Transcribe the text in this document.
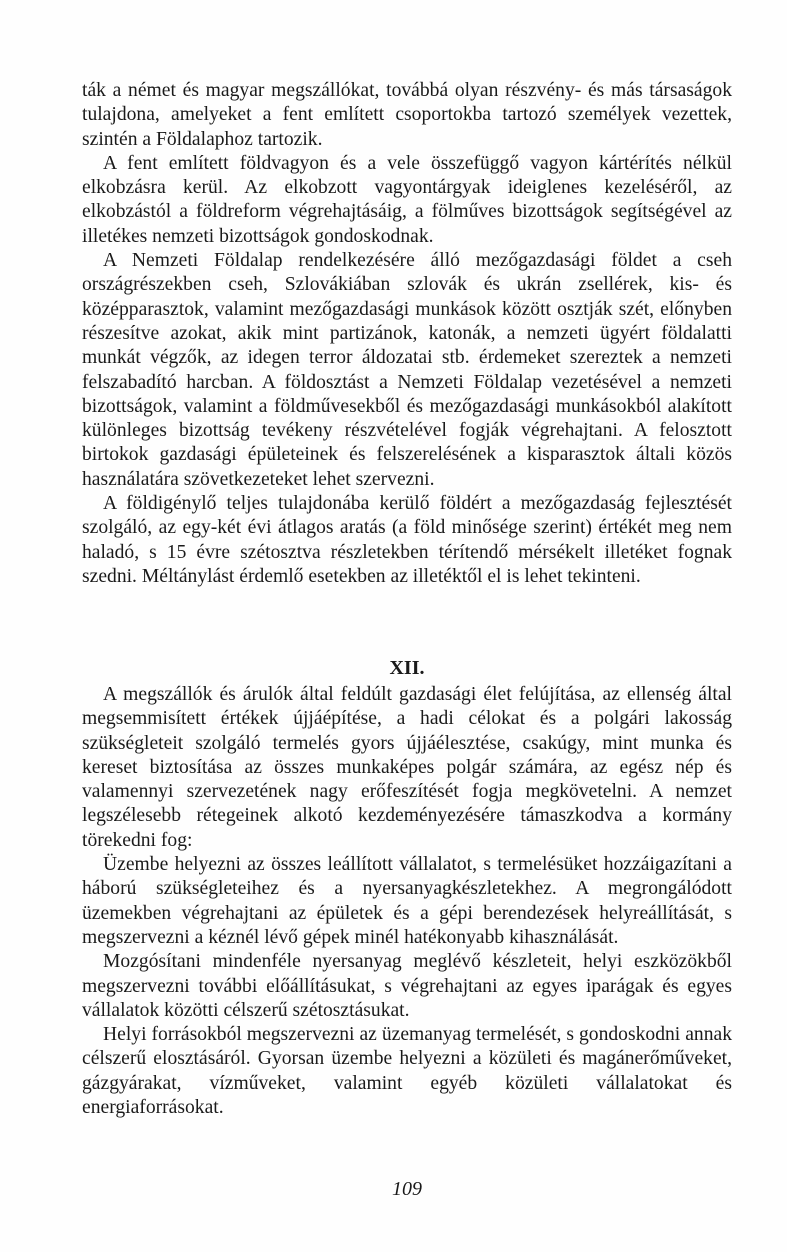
ták a német és magyar megszállókat, továbbá olyan részvény- és más társaságok tulajdona, amelyeket a fent említett csoportokba tartozó személyek vezettek, szintén a Földalaphoz tartozik.

A fent említett földvagyon és a vele összefüggő vagyon kártérítés nélkül elkobzásra kerül. Az elkobzott vagyontárgyak ideiglenes kezeléséről, az elkobzástól a földreform végrehajtásáig, a fölműves bizottságok segítségével az illetékes nemzeti bizottságok gondoskodnak.

A Nemzeti Földalap rendelkezésére álló mezőgazdasági földet a cseh országrészekben cseh, Szlovákiában szlovák és ukrán zsellérek, kis- és középparasztok, valamint mezőgazdasági munkások között osztják szét, előnyben részesítve azokat, akik mint partizánok, katonák, a nemzeti ügyért földalatti munkát végzők, az idegen terror áldozatai stb. érdemeket szereztek a nemzeti felszabadító harcban. A földosztást a Nemzeti Földalap vezetésével a nemzeti bizottságok, valamint a földművesekből és mezőgazdasági munkásokból alakított különleges bizottság tevékeny részvételével fogják végrehajtani. A felosztott birtokok gazdasági épületeinek és felszerelésének a kisparasztok általi közös használatára szövetkezeteket lehet szervezni.

A földigénylő teljes tulajdonába kerülő földért a mezőgazdaság fejlesztését szolgáló, az egy-két évi átlagos aratás (a föld minősége szerint) értékét meg nem haladó, s 15 évre szétosztva részletekben térítendő mérsékelt illetéket fognak szedni. Méltánylást érdemlő esetekben az illetéktől el is lehet tekinteni.

XII.

A megszállók és árulók által feldúlt gazdasági élet felújítása, az ellenség által megsemmisített értékek újjáépítése, a hadi célokat és a polgári lakosság szükségleteit szolgáló termelés gyors újjáélesztése, csakúgy, mint munka és kereset biztosítása az összes munkaképes polgár számára, az egész nép és valamennyi szervezetének nagy erőfeszítését fogja megkövetelni. A nemzet legszélesebb rétegeinek alkotó kezdeményezésére támaszkodva a kormány törekedni fog:

Üzembe helyezni az összes leállított vállalatot, s termelésüket hozzáigazítani a háború szükségleteihez és a nyersanyagkészletekhez. A megrongálódott üzemekben végrehajtani az épületek és a gépi berendezések helyreállítását, s megszervezni a kéznél lévő gépek minél hatékonyabb kihasználását.

Mozgósítani mindenféle nyersanyag meglévő készleteit, helyi eszközökből megszervezni további előállításukat, s végrehajtani az egyes iparágak és egyes vállalatok közötti célszerű szétosztásukat.

Helyi forrásokból megszervezni az üzemanyag termelését, s gondoskodni annak célszerű elosztásáról. Gyorsan üzembe helyezni a közületi és magánerőműveket, gázgyárakat, vízműveket, valamint egyéb közületi vállalatokat és energiaforrásokat.

109
